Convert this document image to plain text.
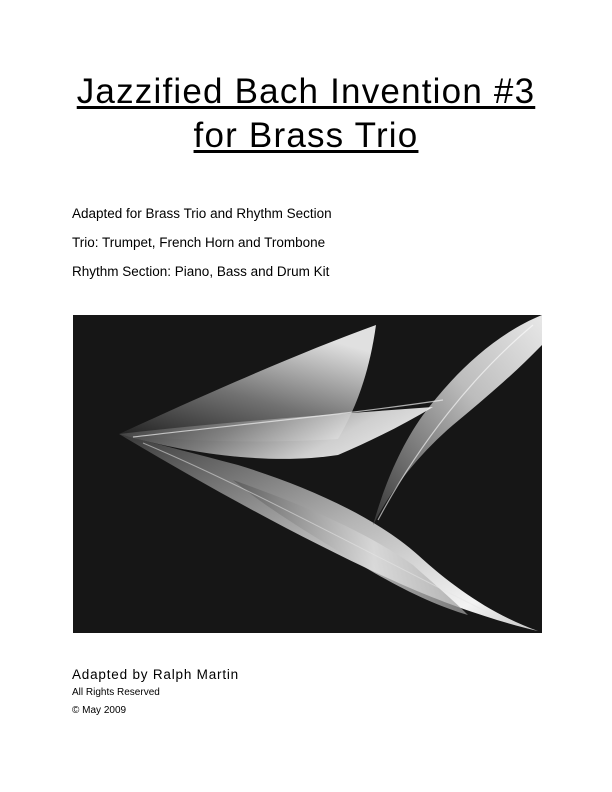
Jazzified Bach Invention #3
for Brass Trio

Adapted for Brass Trio and Rhythm Section

Trio: Trumpet, French Horn and Trombone

Rhythm Section: Piano, Bass and Drum Kit

Adapted by Ralph Martin

All Rights Reserved

© May 2009
